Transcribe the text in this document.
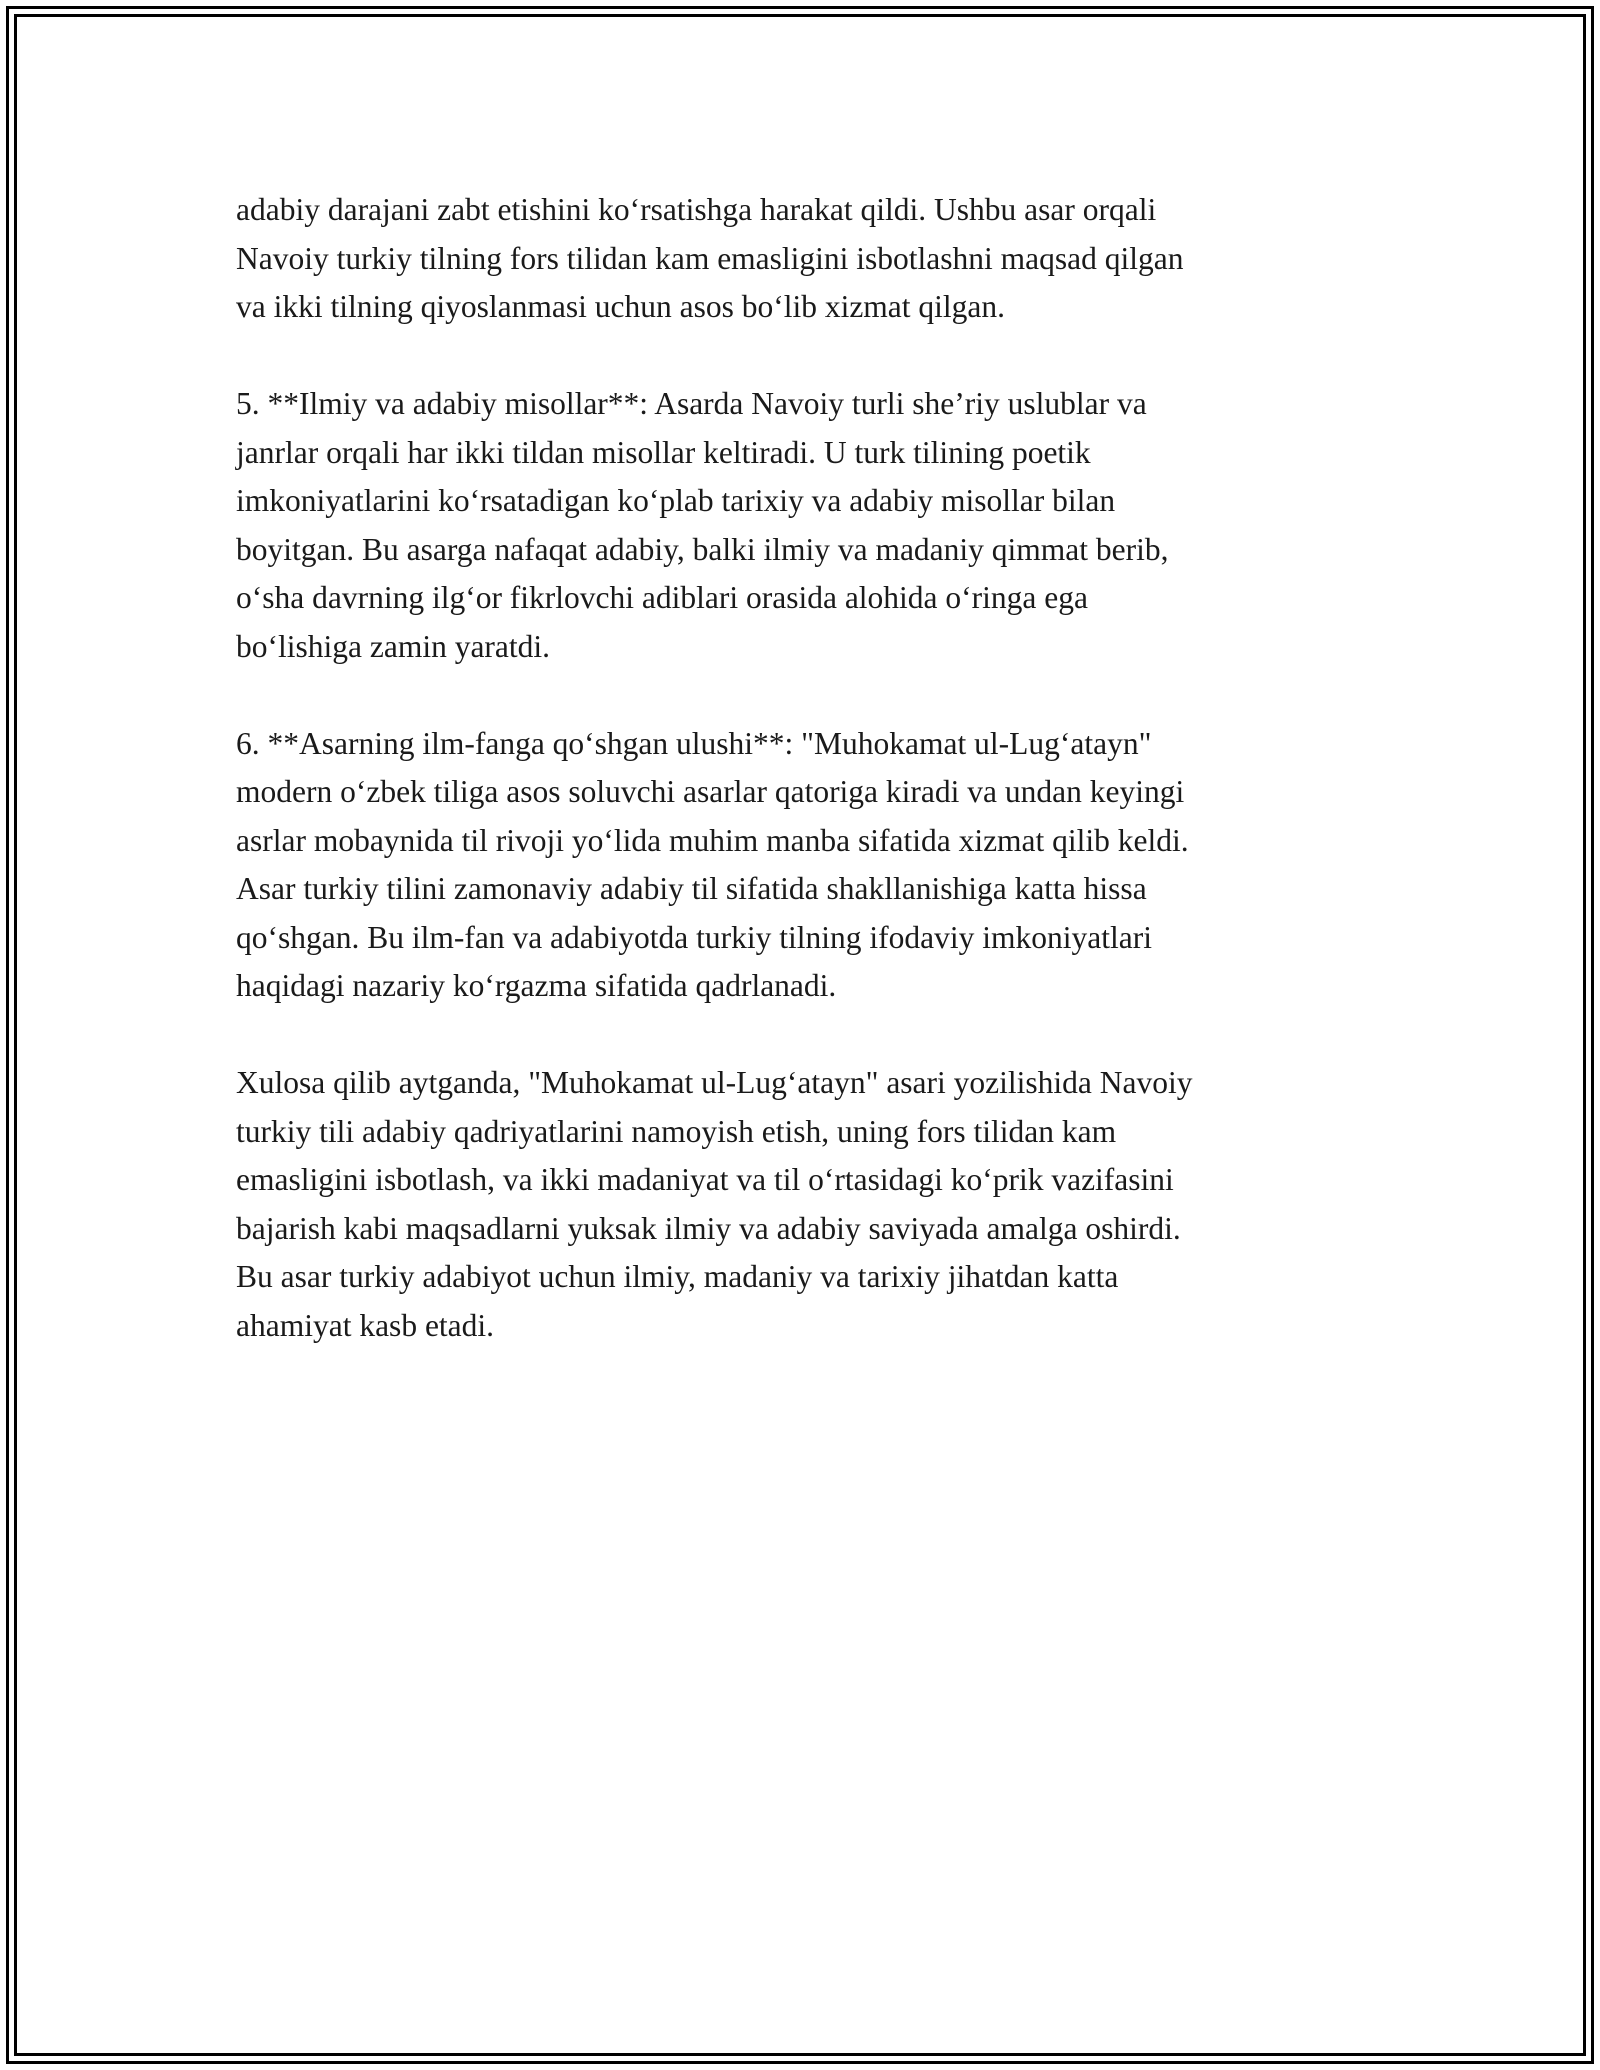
adabiy darajani zabt etishini ko‘rsatishga harakat qildi. Ushbu asar orqali
Navoiy turkiy tilning fors tilidan kam emasligini isbotlashni maqsad qilgan
va ikki tilning qiyoslanmasi uchun asos bo‘lib xizmat qilgan.

5. **Ilmiy va adabiy misollar**: Asarda Navoiy turli she’riy uslublar va
janrlar orqali har ikki tildan misollar keltiradi. U turk tilining poetik
imkoniyatlarini ko‘rsatadigan ko‘plab tarixiy va adabiy misollar bilan
boyitgan. Bu asarga nafaqat adabiy, balki ilmiy va madaniy qimmat berib,
o‘sha davrning ilg‘or fikrlovchi adiblari orasida alohida o‘ringa ega
bo‘lishiga zamin yaratdi.

6. **Asarning ilm-fanga qo‘shgan ulushi**: "Muhokamat ul-Lug‘atayn"
modern o‘zbek tiliga asos soluvchi asarlar qatoriga kiradi va undan keyingi
asrlar mobaynida til rivoji yo‘lida muhim manba sifatida xizmat qilib keldi.
Asar turkiy tilini zamonaviy adabiy til sifatida shakllanishiga katta hissa
qo‘shgan. Bu ilm-fan va adabiyotda turkiy tilning ifodaviy imkoniyatlari
haqidagi nazariy ko‘rgazma sifatida qadrlanadi.

Xulosa qilib aytganda, "Muhokamat ul-Lug‘atayn" asari yozilishida Navoiy
turkiy tili adabiy qadriyatlarini namoyish etish, uning fors tilidan kam
emasligini isbotlash, va ikki madaniyat va til o‘rtasidagi ko‘prik vazifasini
bajarish kabi maqsadlarni yuksak ilmiy va adabiy saviyada amalga oshirdi.
Bu asar turkiy adabiyot uchun ilmiy, madaniy va tarixiy jihatdan katta
ahamiyat kasb etadi.
